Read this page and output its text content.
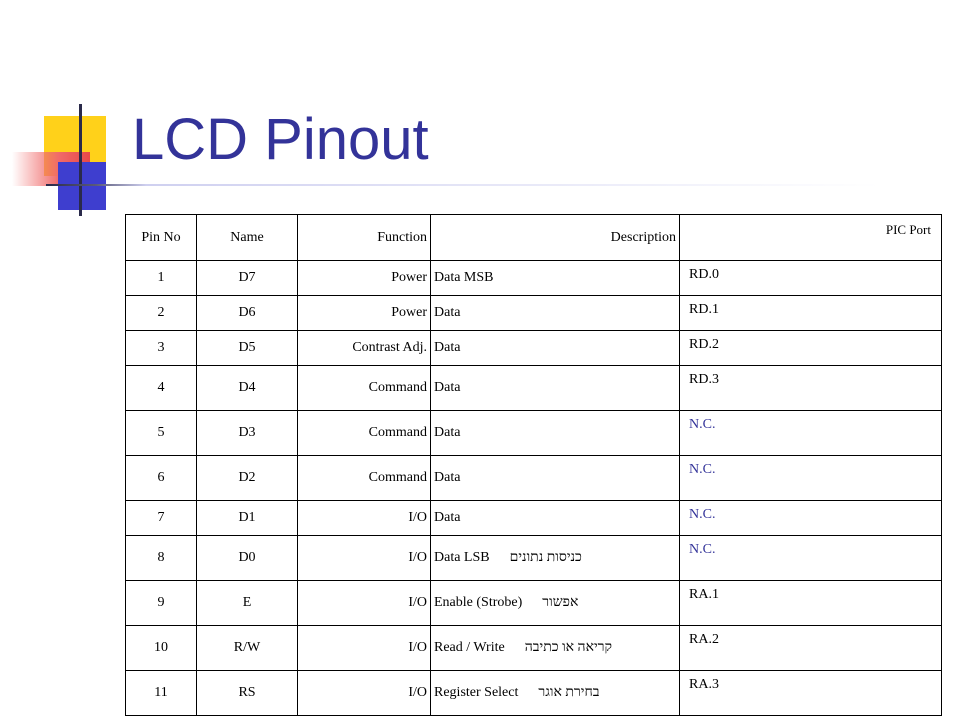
LCD Pinout
Pin No	Name	Function	Description	PIC Port
1	D7	Power	Data MSB	RD.0
2	D6	Power	Data	RD.1
3	D5	Contrast Adj.	Data	RD.2
4	D4	Command	Data	RD.3
5	D3	Command	Data	N.C.
6	D2	Command	Data	N.C.
7	D1	I/O	Data	N.C.
8	D0	I/O	Data LSB כניסות נתונים	N.C.
9	E	I/O	Enable (Strobe) אפשור	RA.1
10	R/W	I/O	Read / Write קריאה או כתיבה	RA.2
11	RS	I/O	Register Select בחירת אוגר	RA.3
